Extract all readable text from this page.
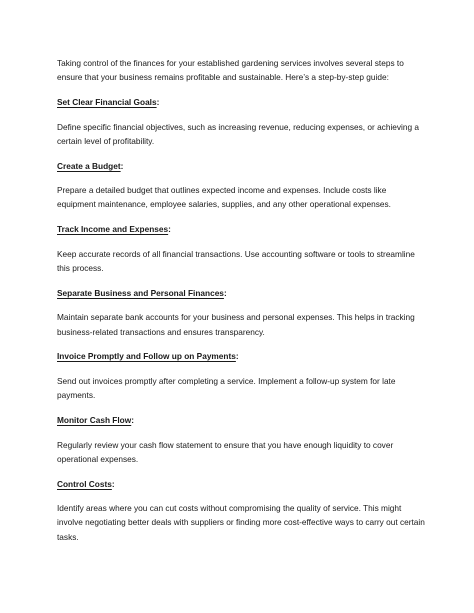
Taking control of the finances for your established gardening services involves several steps to ensure that your business remains profitable and sustainable. Here’s a step-by-step guide:

Set Clear Financial Goals:

Define specific financial objectives, such as increasing revenue, reducing expenses, or achieving a certain level of profitability.

Create a Budget:

Prepare a detailed budget that outlines expected income and expenses. Include costs like equipment maintenance, employee salaries, supplies, and any other operational expenses.

Track Income and Expenses:

Keep accurate records of all financial transactions. Use accounting software or tools to streamline this process.

Separate Business and Personal Finances:

Maintain separate bank accounts for your business and personal expenses. This helps in tracking business-related transactions and ensures transparency.

Invoice Promptly and Follow up on Payments:

Send out invoices promptly after completing a service. Implement a follow-up system for late payments.

Monitor Cash Flow:

Regularly review your cash flow statement to ensure that you have enough liquidity to cover operational expenses.

Control Costs:

Identify areas where you can cut costs without compromising the quality of service. This might involve negotiating better deals with suppliers or finding more cost-effective ways to carry out certain tasks.
